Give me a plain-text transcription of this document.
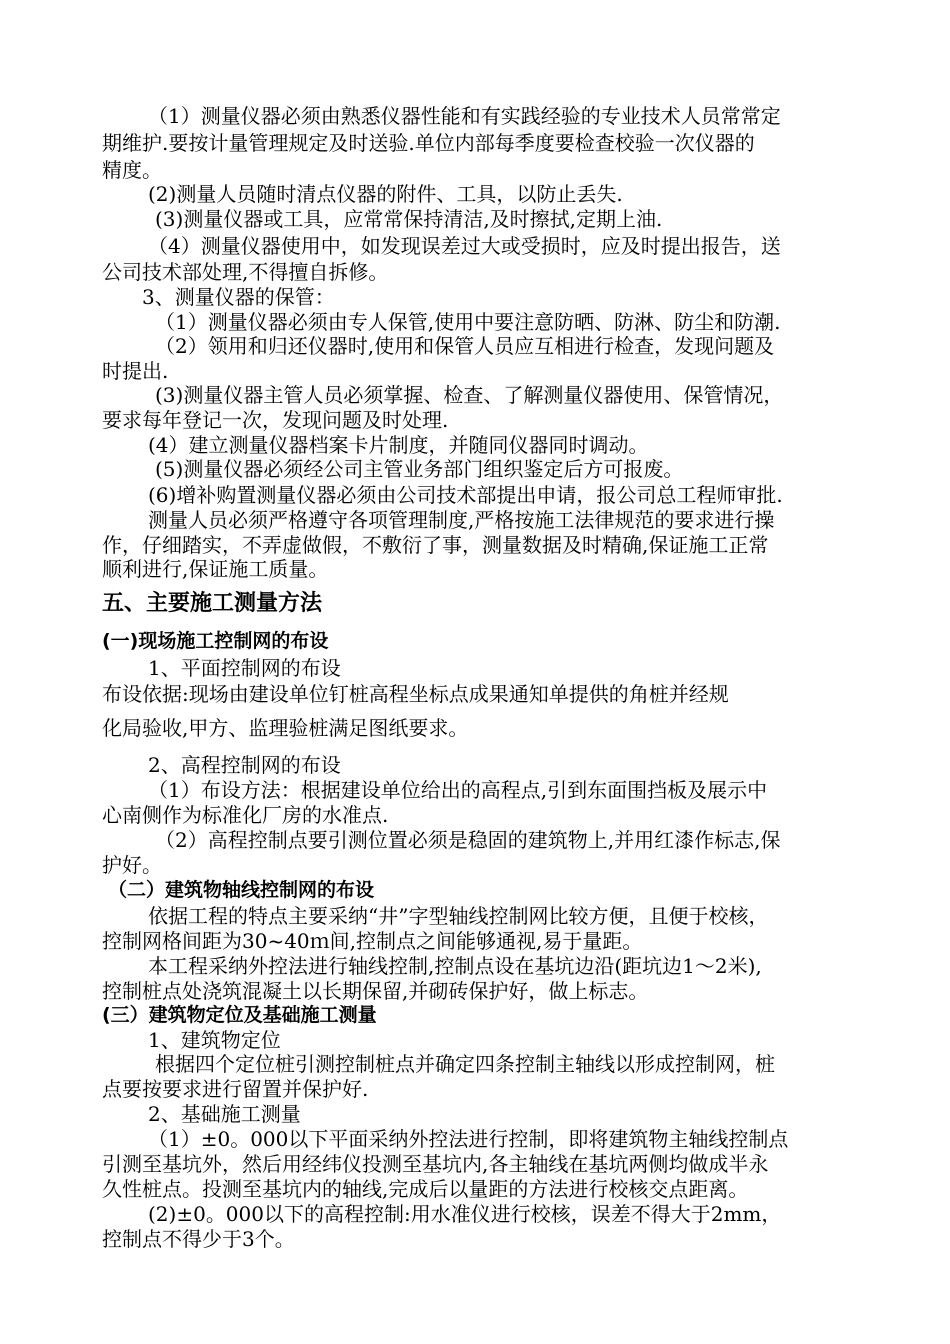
（1）测量仪器必须由熟悉仪器性能和有实践经验的专业技术人员常常定
期维护.要按计量管理规定及时送验.单位内部每季度要检查校验一次仪器的
精度。
(2)测量人员随时清点仪器的附件、工具，以防止丢失.
(3)测量仪器或工具，应常常保持清洁,及时擦拭,定期上油.
（4）测量仪器使用中，如发现误差过大或受损时，应及时提出报告，送
公司技术部处理,不得擅自拆修。
3、测量仪器的保管：
（1）测量仪器必须由专人保管,使用中要注意防晒、防淋、防尘和防潮.
（2）领用和归还仪器时,使用和保管人员应互相进行检查，发现问题及
时提出.
(3)测量仪器主管人员必须掌握、检查、了解测量仪器使用、保管情况，
要求每年登记一次，发现问题及时处理.
(4）建立测量仪器档案卡片制度，并随同仪器同时调动。
(5)测量仪器必须经公司主管业务部门组织鉴定后方可报废。
(6)增补购置测量仪器必须由公司技术部提出申请，报公司总工程师审批.
测量人员必须严格遵守各项管理制度,严格按施工法律规范的要求进行操
作，仔细踏实，不弄虚做假，不敷衍了事，测量数据及时精确,保证施工正常
顺利进行,保证施工质量。
五、主要施工测量方法
(一)现场施工控制网的布设
1、平面控制网的布设
布设依据:现场由建设单位钉桩高程坐标点成果通知单提供的角桩并经规
化局验收,甲方、监理验桩满足图纸要求。
2、高程控制网的布设
（1）布设方法：根据建设单位给出的高程点,引到东面围挡板及展示中
心南侧作为标准化厂房的水准点.
（2）高程控制点要引测位置必须是稳固的建筑物上,并用红漆作标志,保
护好。
（二）建筑物轴线控制网的布设
依据工程的特点主要采纳“井”字型轴线控制网比较方便，且便于校核，
控制网格间距为30~40ｍ间,控制点之间能够通视,易于量距。
本工程采纳外控法进行轴线控制,控制点设在基坑边沿(距坑边1～2米),
控制桩点处浇筑混凝土以长期保留,并砌砖保护好，做上标志。
(三）建筑物定位及基础施工测量
1、建筑物定位
根据四个定位桩引测控制桩点并确定四条控制主轴线以形成控制网，桩
点要按要求进行留置并保护好.
2、基础施工测量
（1）±0。000以下平面采纳外控法进行控制，即将建筑物主轴线控制点
引测至基坑外，然后用经纬仪投测至基坑内,各主轴线在基坑两侧均做成半永
久性桩点。投测至基坑内的轴线,完成后以量距的方法进行校核交点距离。
(2)±0。000以下的高程控制:用水准仪进行校核，误差不得大于2mm，
控制点不得少于3个。
